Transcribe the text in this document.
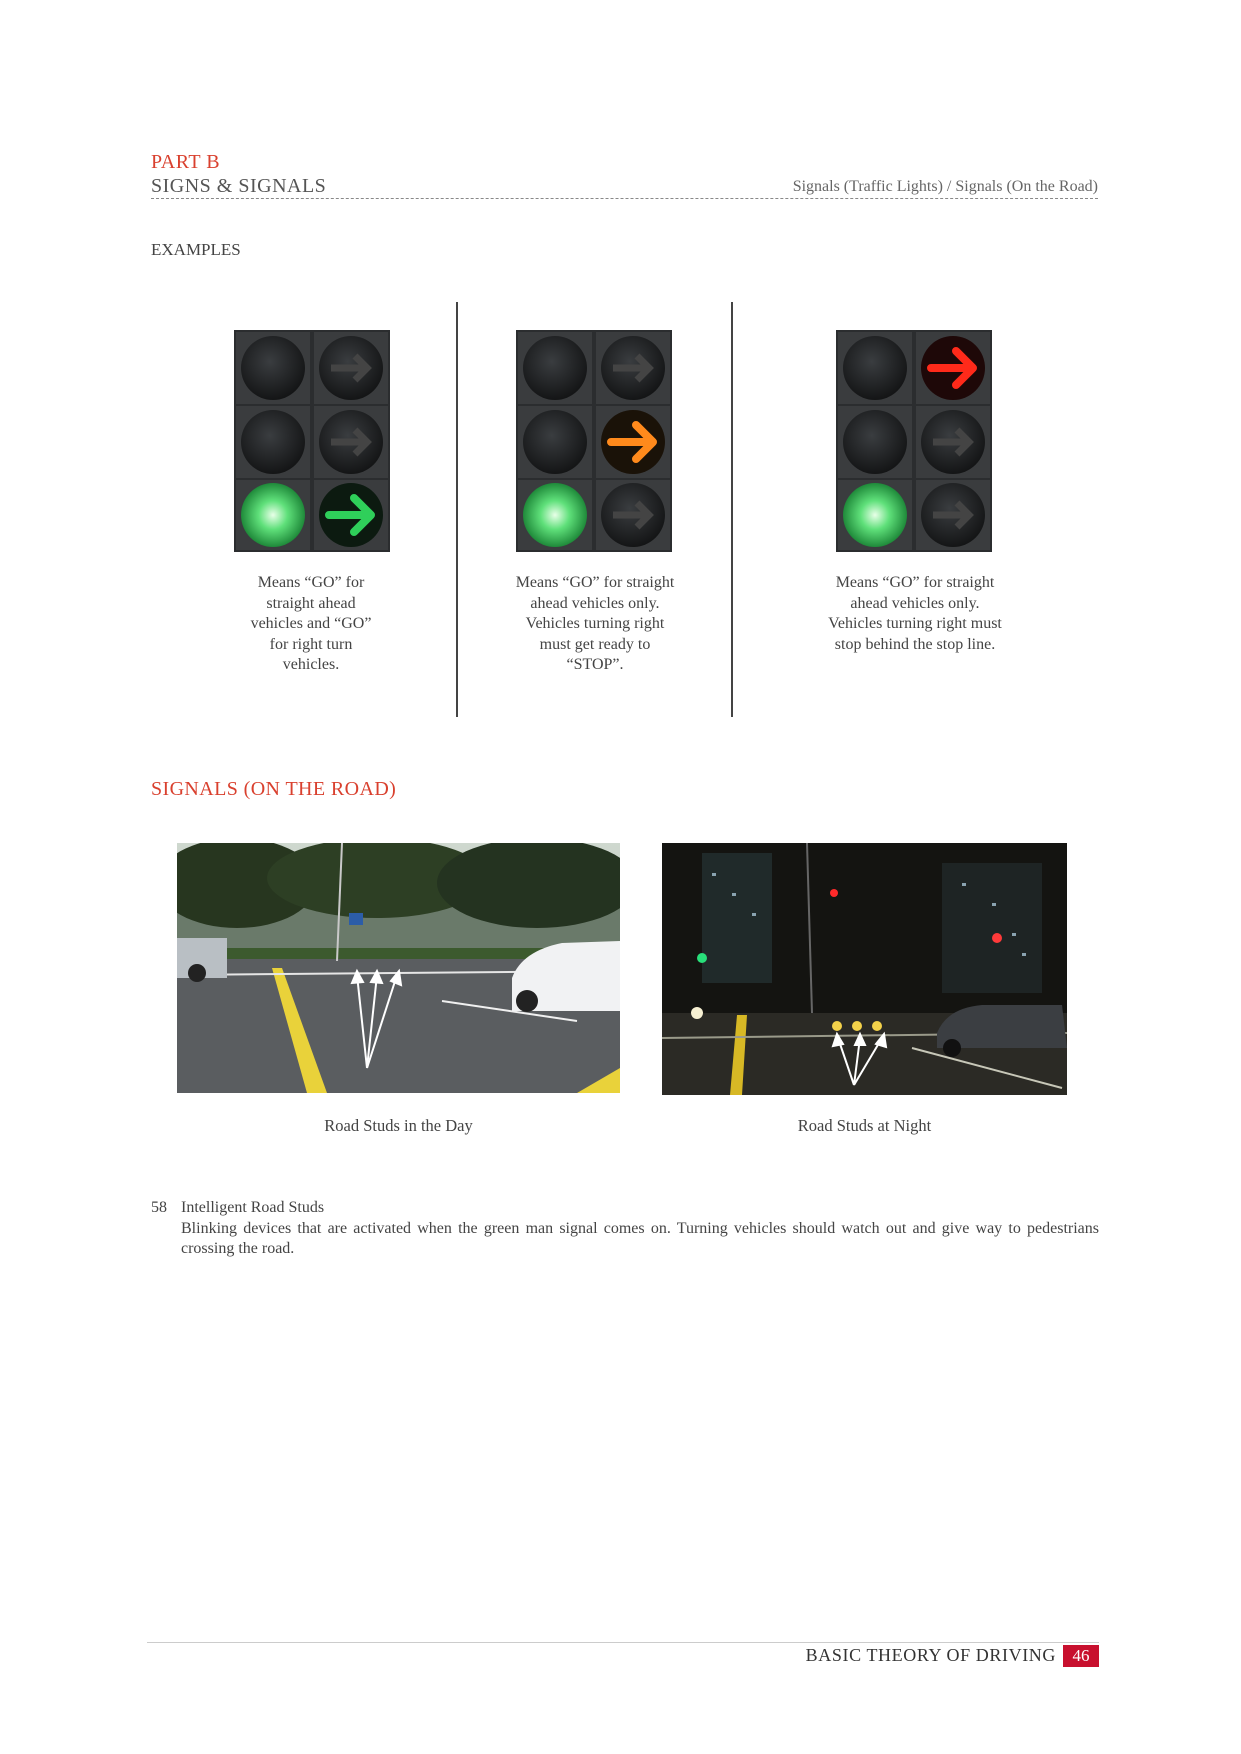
PART B
SIGNS & SIGNALS	Signals (Traffic Lights) / Signals (On the Road)
EXAMPLES
Means “GO” for
straight ahead
vehicles and “GO”
for right turn
vehicles.
Means “GO” for straight
ahead vehicles only.
Vehicles turning right
must get ready to
“STOP”.
Means “GO” for straight
ahead vehicles only.
Vehicles turning right must
stop behind the stop line.
SIGNALS (ON THE ROAD)
Road Studs in the Day	Road Studs at Night
58 Intelligent Road Studs
Blinking devices that are activated when the green man signal comes on. Turning vehicles should watch out and give way to pedestrians crossing the road.
BASIC THEORY OF DRIVING 46
